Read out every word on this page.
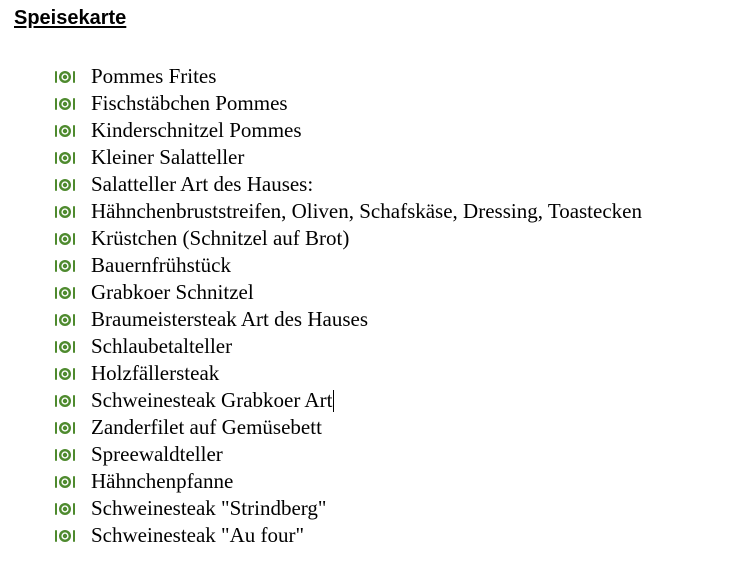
Speisekarte
Pommes Frites
Fischstäbchen Pommes
Kinderschnitzel Pommes
Kleiner Salatteller
Salatteller Art des Hauses:
Hähnchenbruststreifen, Oliven, Schafskäse, Dressing, Toastecken
Krüstchen (Schnitzel auf Brot)
Bauernfrühstück
Grabkoer Schnitzel
Braumeistersteak Art des Hauses
Schlaubetalteller
Holzfällersteak
Schweinesteak Grabkoer Art
Zanderfilet auf Gemüsebett
Spreewaldteller
Hähnchenpfanne
Schweinesteak "Strindberg"
Schweinesteak "Au four"
